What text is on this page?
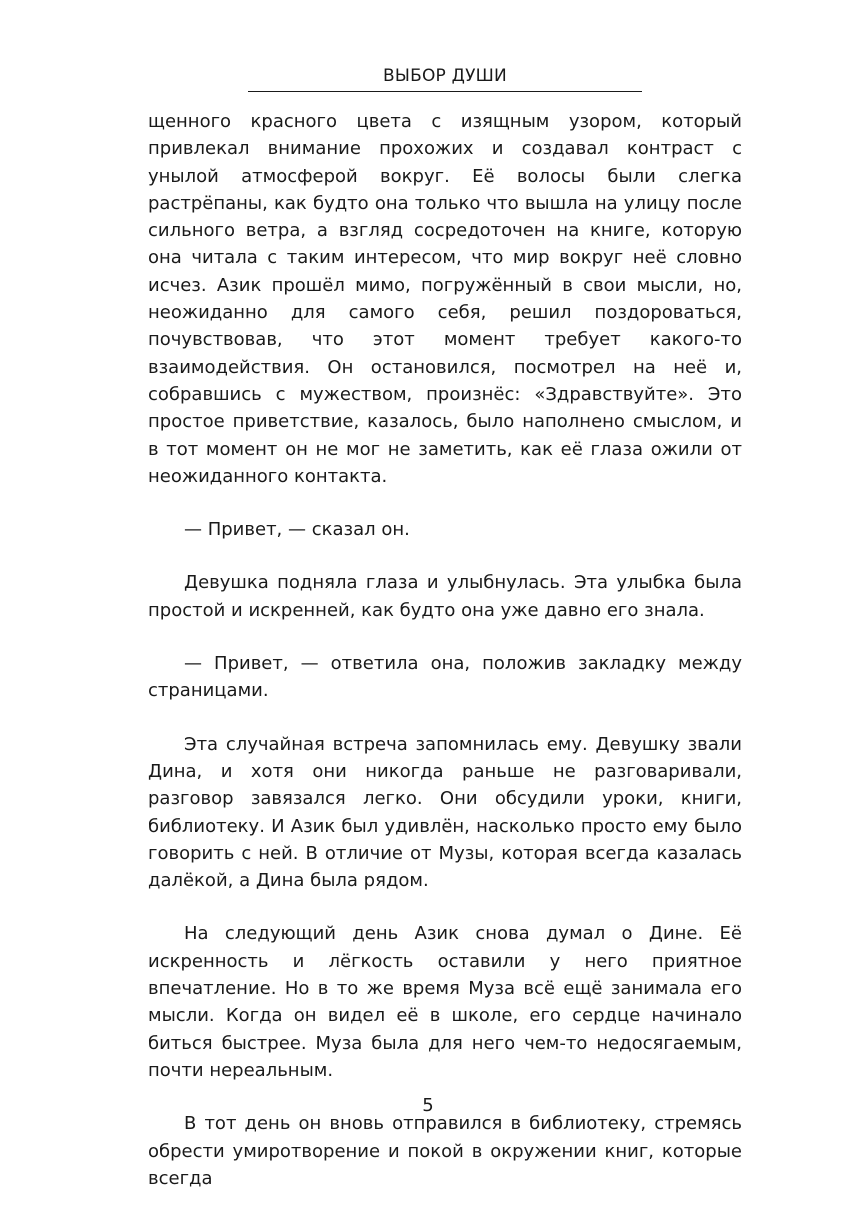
ВЫБОР ДУШИ

щенного красного цвета с изящным узором, который привлекал внимание прохожих и создавал контраст с унылой атмосферой вокруг. Её волосы были слегка растрёпаны, как будто она только что вышла на улицу после сильного ветра, а взгляд сосредоточен на книге, которую она читала с таким интересом, что мир вокруг неё словно исчез. Азик прошёл мимо, погружённый в свои мысли, но, неожиданно для самого себя, решил поздороваться, почувствовав, что этот момент требует какого-то взаимодействия. Он остановился, посмотрел на неё и, собравшись с мужеством, произнёс: «Здравствуйте». Это простое приветствие, казалось, было наполнено смыслом, и в тот момент он не мог не заметить, как её глаза ожили от неожиданного контакта.

— Привет, — сказал он.

Девушка подняла глаза и улыбнулась. Эта улыбка была простой и искренней, как будто она уже давно его знала.

— Привет, — ответила она, положив закладку между страницами.

Эта случайная встреча запомнилась ему. Девушку звали Дина, и хотя они никогда раньше не разговаривали, разговор завязался легко. Они обсудили уроки, книги, библиотеку. И Азик был удивлён, насколько просто ему было говорить с ней. В отличие от Музы, которая всегда казалась далёкой, а Дина была рядом.

На следующий день Азик снова думал о Дине. Её искренность и лёгкость оставили у него приятное впечатление. Но в то же время Муза всё ещё занимала его мысли. Когда он видел её в школе, его сердце начинало биться быстрее. Муза была для него чем-то недосягаемым, почти нереальным.

В тот день он вновь отправился в библиотеку, стремясь обрести умиротворение и покой в окружении книг, которые всегда

5
